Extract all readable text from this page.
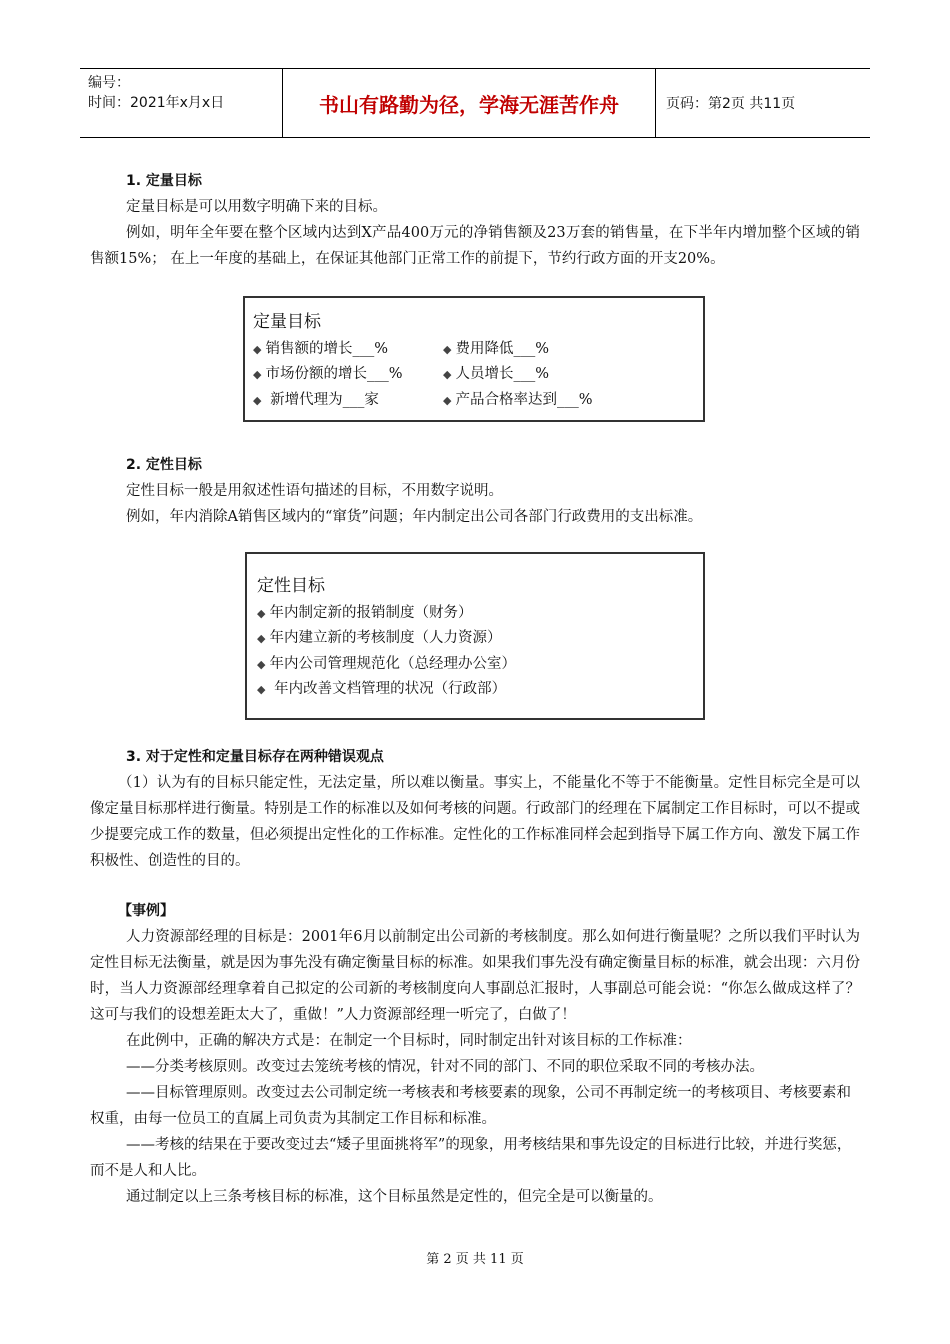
编号：
时间：2021年x月x日	书山有路勤为径，学海无涯苦作舟	页码：第2页 共11页
1. 定量目标

定量目标是可以用数字明确下来的目标。

例如，明年全年要在整个区域内达到X产品400万元的净销售额及23万套的销售量，在下半年内增加整个区域的销售额15%； 在上一年度的基础上，在保证其他部门正常工作的前提下，节约行政方面的开支20%。

定量目标
◆ 销售额的增长___%	◆ 费用降低___%
◆ 市场份额的增长___%	◆ 人员增长___%
◆ 新增代理为___家	◆ 产品合格率达到___%
2. 定性目标

定性目标一般是用叙述性语句描述的目标，不用数字说明。

例如，年内消除A销售区域内的“窜货”问题；年内制定出公司各部门行政费用的支出标准。

定性目标
◆ 年内制定新的报销制度（财务）
◆ 年内建立新的考核制度（人力资源）
◆ 年内公司管理规范化（总经理办公室）
◆ 年内改善文档管理的状况（行政部）
3. 对于定性和定量目标存在两种错误观点

（1）认为有的目标只能定性，无法定量，所以难以衡量。事实上，不能量化不等于不能衡量。定性目标完全是可以像定量目标那样进行衡量。特别是工作的标准以及如何考核的问题。行政部门的经理在下属制定工作目标时，可以不提或少提要完成工作的数量，但必须提出定性化的工作标准。定性化的工作标准同样会起到指导下属工作方向、激发下属工作积极性、创造性的目的。

【事例】

人力资源部经理的目标是：2001年6月以前制定出公司新的考核制度。那么如何进行衡量呢？之所以我们平时认为定性目标无法衡量，就是因为事先没有确定衡量目标的标准。如果我们事先没有确定衡量目标的标准，就会出现：六月份时，当人力资源部经理拿着自己拟定的公司新的考核制度向人事副总汇报时，人事副总可能会说：“你怎么做成这样了？这可与我们的设想差距太大了，重做！”人力资源部经理一听完了，白做了！

在此例中，正确的解决方式是：在制定一个目标时，同时制定出针对该目标的工作标准：

——分类考核原则。改变过去笼统考核的情况，针对不同的部门、不同的职位采取不同的考核办法。

——目标管理原则。改变过去公司制定统一考核表和考核要素的现象，公司不再制定统一的考核项目、考核要素和权重，由每一位员工的直属上司负责为其制定工作目标和标准。

——考核的结果在于要改变过去“矮子里面挑将军”的现象，用考核结果和事先设定的目标进行比较，并进行奖惩，而不是人和人比。

通过制定以上三条考核目标的标准，这个目标虽然是定性的，但完全是可以衡量的。

第 2 页 共 11 页
